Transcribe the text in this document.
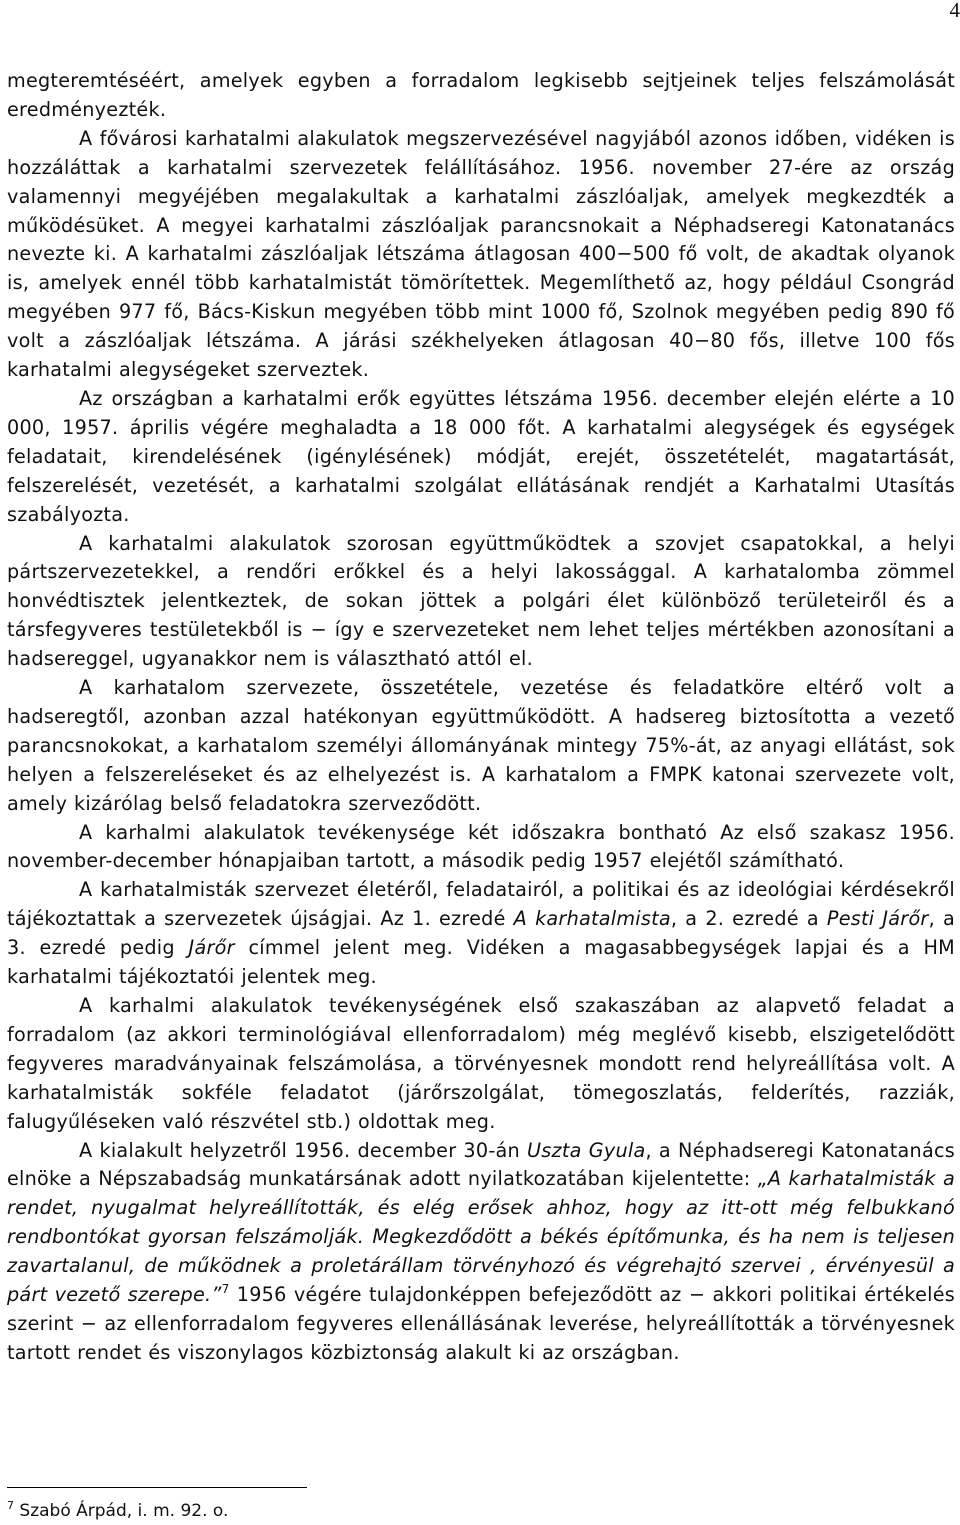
4

megteremtéséért, amelyek egyben a forradalom legkisebb sejtjeinek teljes felszámolását eredményezték.

A fővárosi karhatalmi alakulatok megszervezésével nagyjából azonos időben, vidéken is hozzáláttak a karhatalmi szervezetek felállításához. 1956. november 27-ére az ország valamennyi megyéjében megalakultak a karhatalmi zászlóaljak, amelyek megkezdték a működésüket. A megyei karhatalmi zászlóaljak parancsnokait a Néphadseregi Katonatanács nevezte ki. A karhatalmi zászlóaljak létszáma átlagosan 400−500 fő volt, de akadtak olyanok is, amelyek ennél több karhatalmistát tömörítettek. Megemlíthető az, hogy például Csongrád megyében 977 fő, Bács-Kiskun megyében több mint 1000 fő, Szolnok megyében pedig 890 fő volt a zászlóaljak létszáma. A járási székhelyeken átlagosan 40−80 fős, illetve 100 fős karhatalmi alegységeket szerveztek.

Az országban a karhatalmi erők együttes létszáma 1956. december elején elérte a 10 000, 1957. április végére meghaladta a 18 000 főt. A karhatalmi alegységek és egységek feladatait, kirendelésének (igénylésének) módját, erejét, összetételét, magatartását, felszerelését, vezetését, a karhatalmi szolgálat ellátásának rendjét a Karhatalmi Utasítás szabályozta.

A karhatalmi alakulatok szorosan együttműködtek a szovjet csapatokkal, a helyi pártszervezetekkel, a rendőri erőkkel és a helyi lakossággal. A karhatalomba zömmel honvédtisztek jelentkeztek, de sokan jöttek a polgári élet különböző területeiről és a társfegyveres testületekből is − így e szervezeteket nem lehet teljes mértékben azonosítani a hadsereggel, ugyanakkor nem is választható attól el.

A karhatalom szervezete, összetétele, vezetése és feladatköre eltérő volt a hadseregtől, azonban azzal hatékonyan együttműködött. A hadsereg biztosította a vezető parancsnokokat, a karhatalom személyi állományának mintegy 75%-át, az anyagi ellátást, sok helyen a felszereléseket és az elhelyezést is. A karhatalom a FMPK katonai szervezete volt, amely kizárólag belső feladatokra szerveződött.

A karhalmi alakulatok tevékenysége két időszakra bontható Az első szakasz 1956. november-december hónapjaiban tartott, a második pedig 1957 elejétől számítható.

A karhatalmisták szervezet életéről, feladatairól, a politikai és az ideológiai kérdésekről tájékoztattak a szervezetek újságjai. Az 1. ezredé A karhatalmista, a 2. ezredé a Pesti Járőr, a 3. ezredé pedig Járőr címmel jelent meg. Vidéken a magasabbegységek lapjai és a HM karhatalmi tájékoztatói jelentek meg.

A karhalmi alakulatok tevékenységének első szakaszában az alapvető feladat a forradalom (az akkori terminológiával ellenforradalom) még meglévő kisebb, elszigetelődött fegyveres maradványainak felszámolása, a törvényesnek mondott rend helyreállítása volt. A karhatalmisták sokféle feladatot (járőrszolgálat, tömegoszlatás, felderítés, razziák, falugyűléseken való részvétel stb.) oldottak meg.

A kialakult helyzetről 1956. december 30-án Uszta Gyula, a Néphadseregi Katonatanács elnöke a Népszabadság munkatársának adott nyilatkozatában kijelentette: „A karhatalmisták a rendet, nyugalmat helyreállították, és elég erősek ahhoz, hogy az itt-ott még felbukkanó rendbontókat gyorsan felszámolják. Megkezdődött a békés építőmunka, és ha nem is teljesen zavartalanul, de működnek a proletárállam törvényhozó és végrehajtó szervei , érvényesül a párt vezető szerepe.”$^7$ 1956 végére tulajdonképpen befejeződött az − akkori politikai értékelés szerint − az ellenforradalom fegyveres ellenállásának leverése, helyreállították a törvényesnek tartott rendet és viszonylagos közbiztonság alakult ki az országban.

$^7$ Szabó Árpád, i. m. 92. o.
